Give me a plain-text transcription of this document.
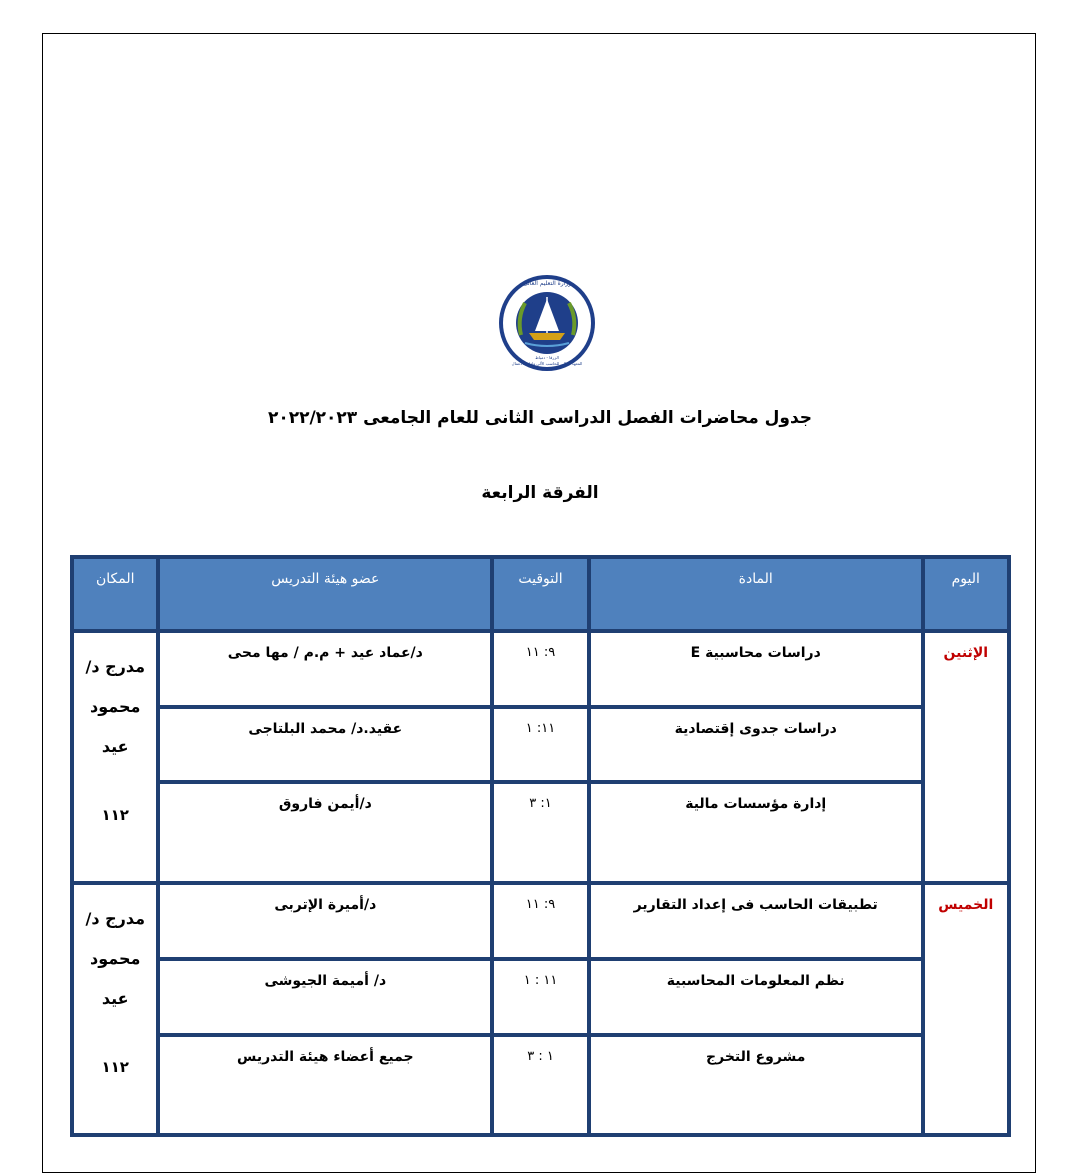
وزارة التعليم العالى
المعهد العالى للحاسب الآلى وإدارة الأعمال
الزرقا - دمياط
جدول محاضرات الفصل الدراسى الثانى للعام الجامعى ٢٠٢٢/٢٠٢٣
الفرقة الرابعة
اليوم	المادة	التوقيت	عضو هيئة التدريس	المكان
الإثنين	دراسات محاسبية E	٩: ١١	د/عماد عيد + م.م / مها محى	مدرج د/محمود عيد
١١٢

	دراسات جدوى إقتصادية	١١: ١	عقيد.د/ محمد البلتاجى	
	إدارة مؤسسات مالية	١: ٣	د/أيمن فاروق	
الخميس	تطبيقات الحاسب فى إعداد التقارير	٩: ١١	د/أميرة الإتربى	مدرج د/محمود عيد
١١٢

	نظم المعلومات المحاسبية	١١ : ١	د/ أميمة الجيوشى	
	مشروع التخرج	١ : ٣	جميع أعضاء هيئة التدريس	
